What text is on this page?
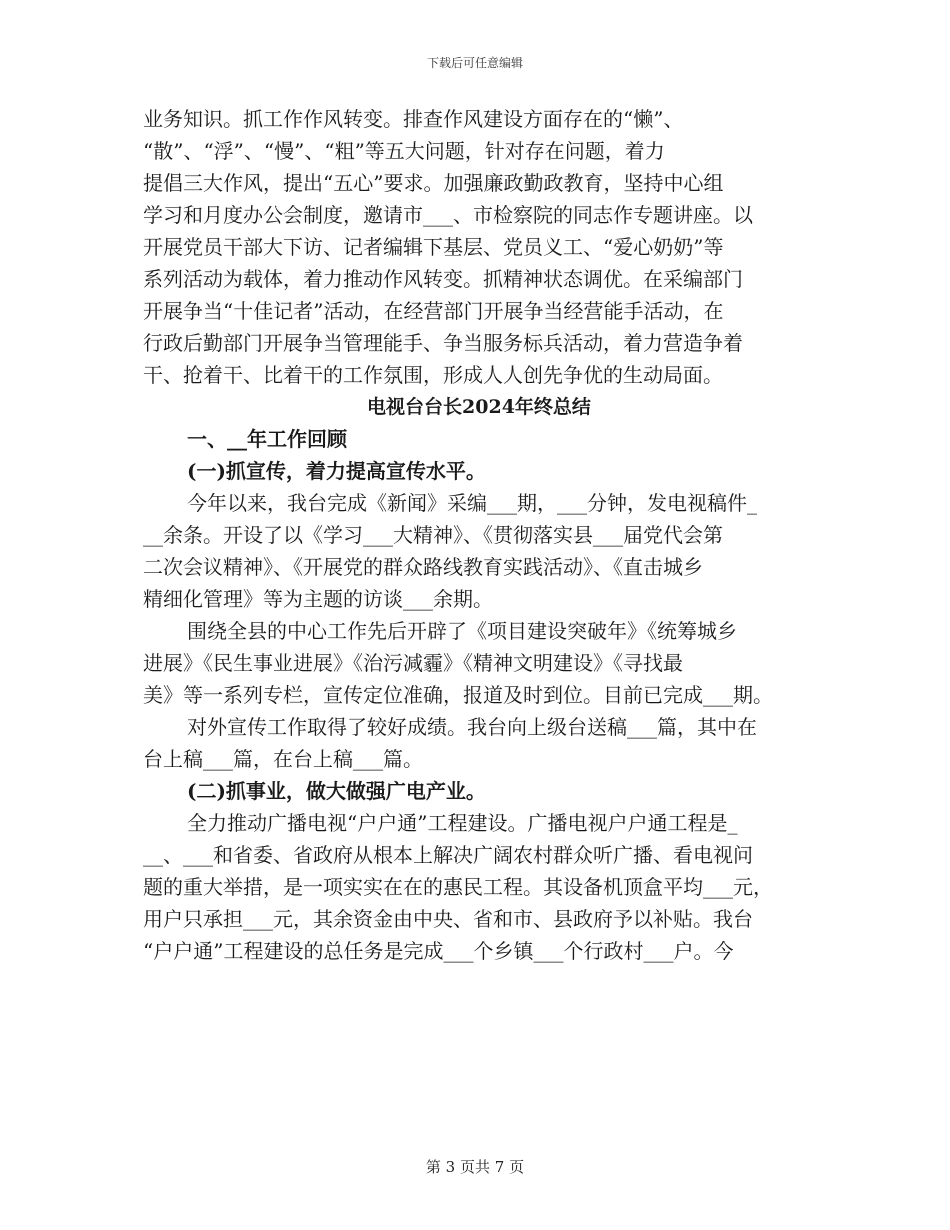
下载后可任意编辑
业务知识。抓工作作风转变。排查作风建设方面存在的“懒”、
“散”、“浮”、“慢”、“粗”等五大问题，针对存在问题，着力
提倡三大作风，提出“五心”要求。加强廉政勤政教育，坚持中心组
学习和月度办公会制度，邀请市___、市检察院的同志作专题讲座。以
开展党员干部大下访、记者编辑下基层、党员义工、“爱心奶奶”等
系列活动为载体，着力推动作风转变。抓精神状态调优。在采编部门
开展争当“十佳记者”活动，在经营部门开展争当经营能手活动，在
行政后勤部门开展争当管理能手、争当服务标兵活动，着力营造争着
干、抢着干、比着干的工作氛围，形成人人创先争优的生动局面。
电视台台长2024年终总结
一、__年工作回顾
(一)抓宣传，着力提高宣传水平。
今年以来，我台完成《新闻》采编___期，___分钟，发电视稿件_
__余条。开设了以《学习___大精神》、《贯彻落实县___届党代会第
二次会议精神》、《开展党的群众路线教育实践活动》、《直击城乡
精细化管理》等为主题的访谈___余期。
围绕全县的中心工作先后开辟了《项目建设突破年》《统筹城乡
进展》《民生事业进展》《治污减霾》《精神文明建设》《寻找最
美》等一系列专栏，宣传定位准确，报道及时到位。目前已完成___期。
对外宣传工作取得了较好成绩。我台向上级台送稿___篇，其中在
台上稿___篇，在台上稿___篇。
(二)抓事业，做大做强广电产业。
全力推动广播电视“户户通”工程建设。广播电视户户通工程是_
__、___和省委、省政府从根本上解决广阔农村群众听广播、看电视问
题的重大举措，是一项实实在在的惠民工程。其设备机顶盒平均___元，
用户只承担___元，其余资金由中央、省和市、县政府予以补贴。我台
“户户通”工程建设的总任务是完成___个乡镇___个行政村___户。今
第 3 页共 7 页
